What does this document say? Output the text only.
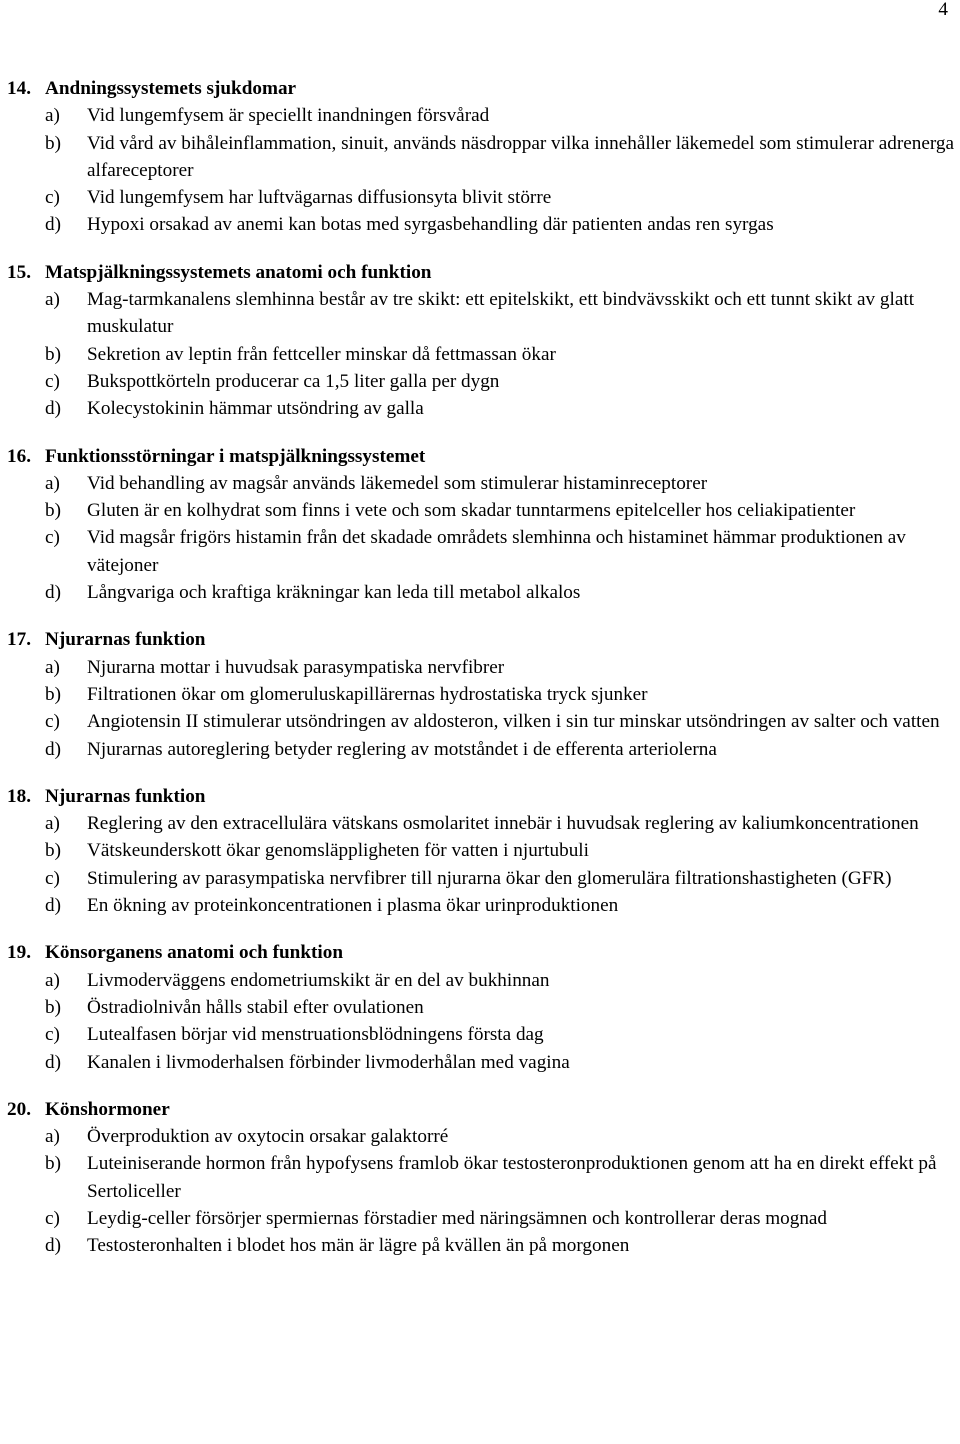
4
14. Andningssystemets sjukdomar
a)	Vid lungemfysem är speciellt inandningen försvårad
b)	Vid vård av bihåleinflammation, sinuit, används näsdroppar vilka innehåller läkemedel som stimulerar adrenerga alfareceptorer
c)	Vid lungemfysem har luftvägarnas diffusionsyta blivit större
d)	Hypoxi orsakad av anemi kan botas med syrgasbehandling där patienten andas ren syrgas
15. Matspjälkningssystemets anatomi och funktion
a)	Mag-tarmkanalens slemhinna består av tre skikt: ett epitelskikt, ett bindvävsskikt och ett tunnt skikt av glatt muskulatur
b)	Sekretion av leptin från fettceller minskar då fettmassan ökar
c)	Bukspottkörteln producerar ca 1,5 liter galla per dygn
d)	Kolecystokinin hämmar utsöndring av galla
16. Funktionsstörningar i matspjälkningssystemet
a)	Vid behandling av magsår används läkemedel som stimulerar histaminreceptorer
b)	Gluten är en kolhydrat som finns i vete och som skadar tunntarmens epitelceller hos celiakipatienter
c)	Vid magsår frigörs histamin från det skadade områdets slemhinna och histaminet hämmar produktionen av vätejoner
d)	Långvariga och kraftiga kräkningar kan leda till metabol alkalos
17. Njurarnas funktion
a)	Njurarna mottar i huvudsak parasympatiska nervfibrer
b)	Filtrationen ökar om glomeruluskapillärernas hydrostatiska tryck sjunker
c)	Angiotensin II stimulerar utsöndringen av aldosteron, vilken i sin tur minskar utsöndringen av salter och vatten
d)	Njurarnas autoreglering betyder reglering av motståndet i de efferenta arteriolerna
18. Njurarnas funktion
a)	Reglering av den extracellulära vätskans osmolaritet innebär i huvudsak reglering av kaliumkoncentrationen
b)	Vätskeunderskott ökar genomsläppligheten för vatten i njurtubuli
c)	Stimulering av parasympatiska nervfibrer till njurarna ökar den glomerulära filtrationshastigheten (GFR)
d)	En ökning av proteinkoncentrationen i plasma ökar urinproduktionen
19. Könsorganens anatomi och funktion
a)	Livmoderväggens endometriumskikt är en del av bukhinnan
b)	Östradiolnivån hålls stabil efter ovulationen
c)	Lutealfasen börjar vid menstruationsblödningens första dag
d)	Kanalen i livmoderhalsen förbinder livmoderhålan med vagina
20. Könshormoner
a)	Överproduktion av oxytocin orsakar galaktorré
b)	Luteiniserande hormon från hypofysens framlob ökar testosteronproduktionen genom att ha en direkt effekt på Sertoliceller
c)	Leydig-celler försörjer spermiernas förstadier med näringsämnen och kontrollerar deras mognad
d)	Testosteronhalten i blodet hos män är lägre på kvällen än på morgonen
